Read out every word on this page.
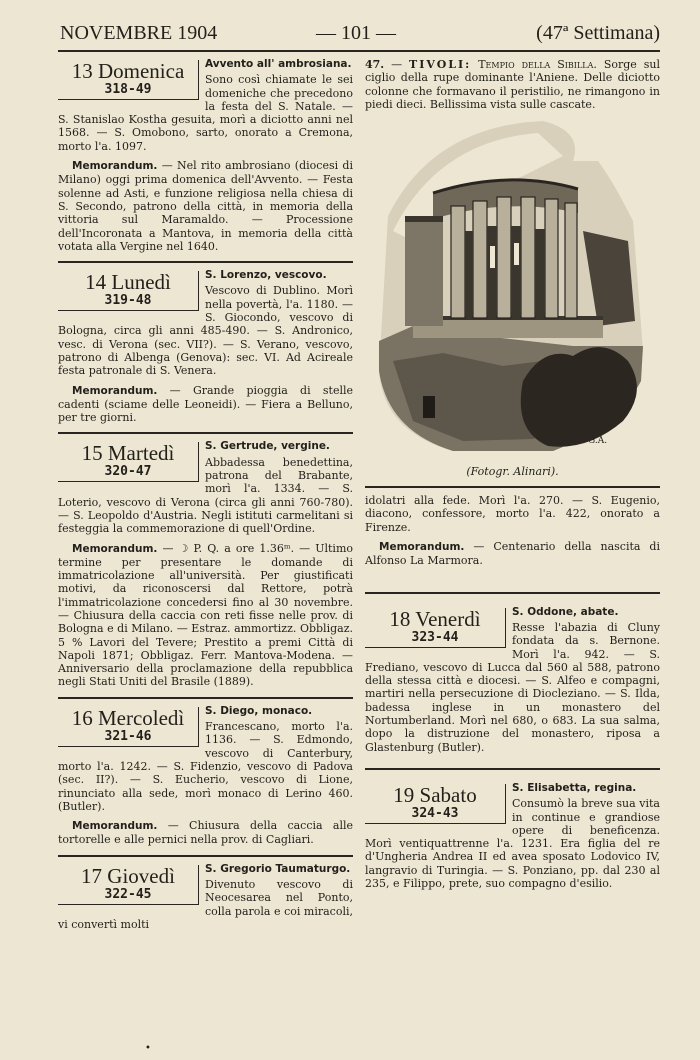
NOVEMBRE 1904	— 101 —	(47ª Settimana)
13 Domenica
318-49
Avvento all' ambrosiana.
Sono così chiamate le sei domeniche che precedono la festa del S. Natale. — S. Stanislao Kostha gesuita, morì a diciotto anni nel 1568. — S. Omobono, sarto, onorato a Cremona, morto l'a. 1097.
Memorandum. — Nel rito ambrosiano (diocesi di Milano) oggi prima domenica dell'Avvento. — Festa solenne ad Asti, e funzione religiosa nella chiesa di S. Secondo, patrono della città, in memoria della vittoria sul Maramaldo. — Processione dell'Incoronata a Mantova, in memoria della città votata alla Vergine nel 1640.
14 Lunedì
319-48
S. Lorenzo, vescovo.
Vescovo di Dublino. Morì nella povertà, l'a. 1180. — S. Giocondo, vescovo di Bologna, circa gli anni 485-490. — S. Andronico, vesc. di Verona (sec. VII?). — S. Verano, vescovo, patrono di Albenga (Genova): sec. VI. Ad Acireale festa patronale di S. Venera.
Memorandum. — Grande pioggia di stelle cadenti (sciame delle Leoneidi). — Fiera a Belluno, per tre giorni.
15 Martedì
320-47
S. Gertrude, vergine.
Abbadessa benedettina, patrona del Brabante, morì l'a. 1334. — S. Loterio, vescovo di Verona (circa gli anni 760-780). — S. Leopoldo d'Austria. Negli istituti carmelitani si festeggia la commemorazione di quell'Ordine.
Memorandum. — ☽ P. Q. a ore 1.36ᵐ. — Ultimo termine per presentare le domande di immatricolazione all'università. Per giustificati motivi, da riconoscersi dal Rettore, potrà l'immatricolazione concedersi fino al 30 novembre. — Chiusura della caccia con reti fisse nelle prov. di Bologna e di Milano. — Estraz. ammortizz. Obbligaz. 5 % Lavori del Tevere; Prestito a premi Città di Napoli 1871; Obbligaz. Ferr. Mantova-Modena. — Anniversario della proclamazione della repubblica negli Stati Uniti del Brasile (1889).
16 Mercoledì
321-46
S. Diego, monaco.
Francescano, morto l'a. 1136. — S. Edmondo, vescovo di Canterbury, morto l'a. 1242. — S. Fidenzio, vescovo di Padova (sec. II?). — S. Eucherio, vescovo di Lione, rinunciato alla sede, morì monaco di Lerino 460. (Butler).
Memorandum. — Chiusura della caccia alle tortorelle e alle pernici nella prov. di Cagliari.
17 Giovedì
322-45
S. Gregorio Taumaturgo.
Divenuto vescovo di Neocesarea nel Ponto, colla parola e coi miracoli, vi convertì molti
47. — TIVOLI: Tempio della Sibilla. Sorge sul ciglio della rupe dominante l'Aniene. Delle diciotto colonne che formavano il peristilio, ne rimangono in piedi dieci. Bellissima vista sulle cascate.
G.A.
(Fotogr. Alinari).
idolatri alla fede. Morì l'a. 270. — S. Eugenio, diacono, confessore, morto l'a. 422, onorato a Firenze.
Memorandum. — Centenario della nascita di Alfonso La Marmora.
18 Venerdì
323-44
S. Oddone, abate.
Resse l'abazia di Cluny fondata da s. Bernone. Morì l'a. 942. — S. Frediano, vescovo di Lucca dal 560 al 588, patrono della stessa città e diocesi. — S. Alfeo e compagni, martiri nella persecuzione di Diocleziano. — S. Ilda, badessa inglese in un monastero del Nortumberland. Morì nel 680, o 683. La sua salma, dopo la distruzione del monastero, riposa a Glastenburg (Butler).
19 Sabato
324-43
S. Elisabetta, regina.
Consumò la breve sua vita in continue e grandiose opere di beneficenza. Morì ventiquattrenne l'a. 1231. Era figlia del re d'Ungheria Andrea II ed avea sposato Lodovico IV, langravio di Turingia. — S. Ponziano, pp. dal 230 al 235, e Filippo, prete, suo compagno d'esilio.
•
